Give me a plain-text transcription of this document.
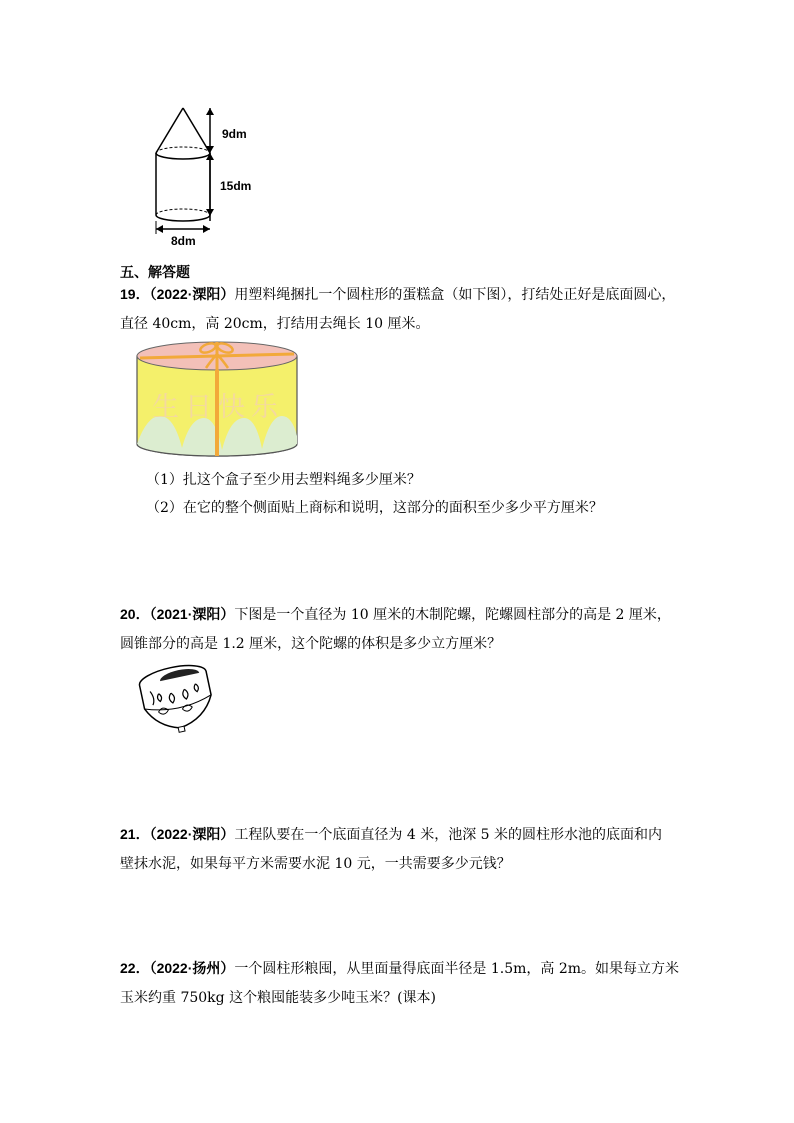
9dm
15dm
8dm
五、解答题
19．（2022·溧阳）用塑料绳捆扎一个圆柱形的蛋糕盒（如下图），打结处正好是底面圆心，
直径 40cm，高 20cm，打结用去绳长 10 厘米。
生日快乐
（1）扎这个盒子至少用去塑料绳多少厘米？
（2）在它的整个侧面贴上商标和说明，这部分的面积至少多少平方厘米？
20．（2021·溧阳）下图是一个直径为 10 厘米的木制陀螺，陀螺圆柱部分的高是 2 厘米，
圆锥部分的高是 1.2 厘米，这个陀螺的体积是多少立方厘米？
21．（2022·溧阳）工程队要在一个底面直径为 4 米，池深 5 米的圆柱形水池的底面和内
壁抹水泥，如果每平方米需要水泥 10 元，一共需要多少元钱？
22．（2022·扬州）一个圆柱形粮囤，从里面量得底面半径是 1.5m，高 2m。如果每立方米
玉米约重 750kg 这个粮囤能装多少吨玉米？(课本)
